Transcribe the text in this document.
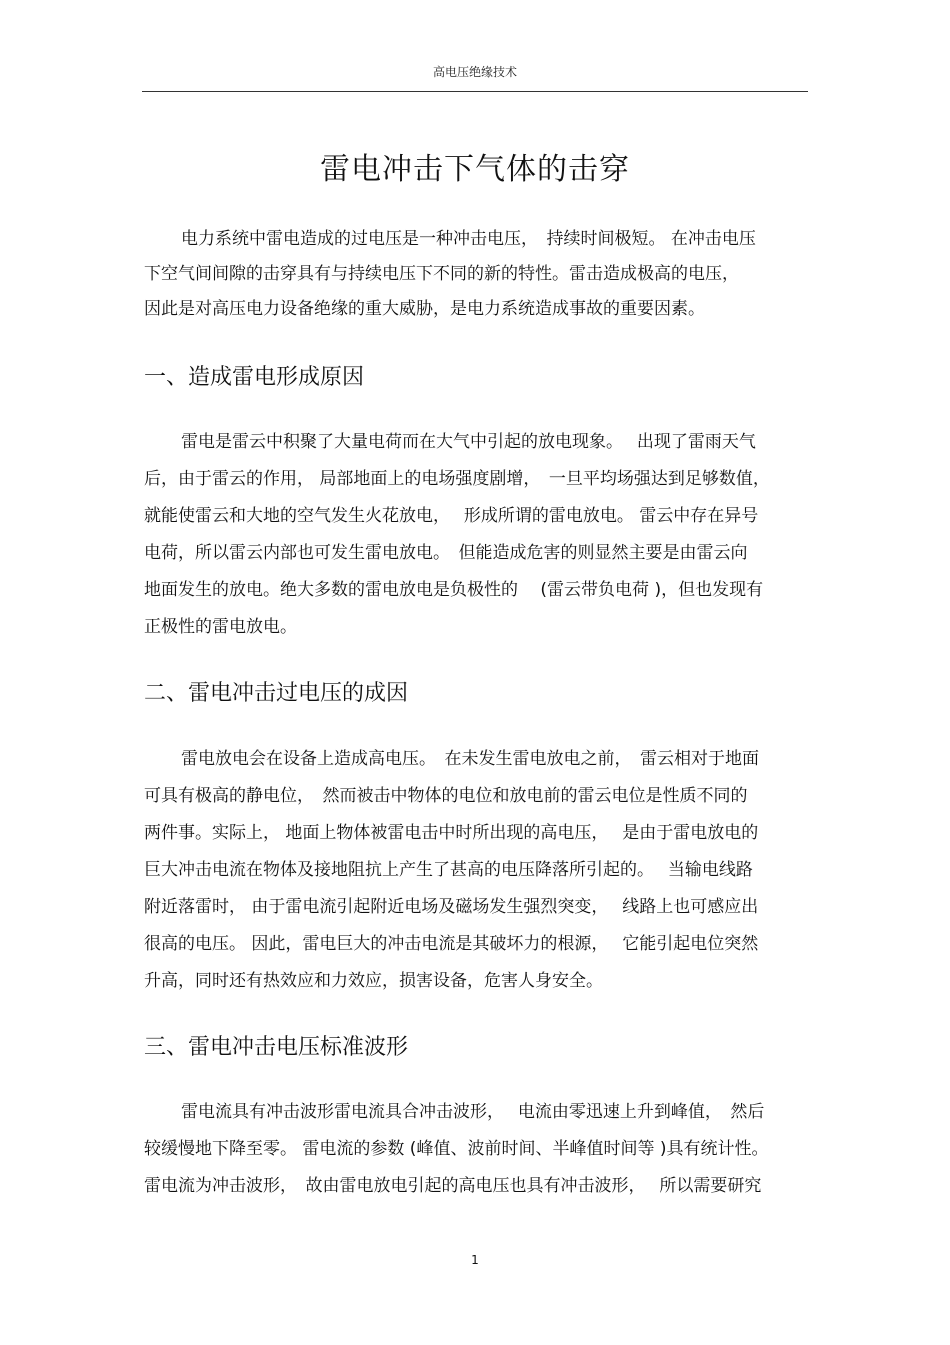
高电压绝缘技术
雷电冲击下气体的击穿

电力系统中雷电造成的过电压是一种冲击电压，　持续时间极短。 在冲击电压
下空气间间隙的击穿具有与持续电压下不同的新的特性。雷击造成极高的电压，
因此是对高压电力设备绝缘的重大威胁，是电力系统造成事故的重要因素。

一、造成雷电形成原因

雷电是雷云中积聚了大量电荷而在大气中引起的放电现象。　 出现了雷雨天气
后，由于雷云的作用， 局部地面上的电场强度剧增，　一旦平均场强达到足够数值，
就能使雷云和大地的空气发生火花放电，　 形成所谓的雷电放电。 雷云中存在异号
电荷，所以雷云内部也可发生雷电放电。　但能造成危害的则显然主要是由雷云向
地面发生的放电。绝大多数的雷电放电是负极性的　 (雷云带负电荷 )，但也发现有
正极性的雷电放电。

二、雷电冲击过电压的成因

雷电放电会在设备上造成高电压。　在未发生雷电放电之前，　雷云相对于地面
可具有极高的静电位，　然而被击中物体的电位和放电前的雷云电位是性质不同的
两件事。实际上， 地面上物体被雷电击中时所出现的高电压，　 是由于雷电放电的
巨大冲击电流在物体及接地阻抗上产生了甚高的电压降落所引起的。　 当输电线路
附近落雷时， 由于雷电流引起附近电场及磁场发生强烈突变，　 线路上也可感应出
很高的电压。 因此，雷电巨大的冲击电流是其破坏力的根源，　 它能引起电位突然
升高，同时还有热效应和力效应，损害设备，危害人身安全。

三、雷电冲击电压标准波形

雷电流具有冲击波形雷电流具合冲击波形，　 电流由零迅速上升到峰值，　然后
较缓慢地下降至零。 雷电流的参数 (峰值、波前时间、半峰值时间等 )具有统计性。
雷电流为冲击波形，　故由雷电放电引起的高电压也具有冲击波形，　 所以需要研究

1
